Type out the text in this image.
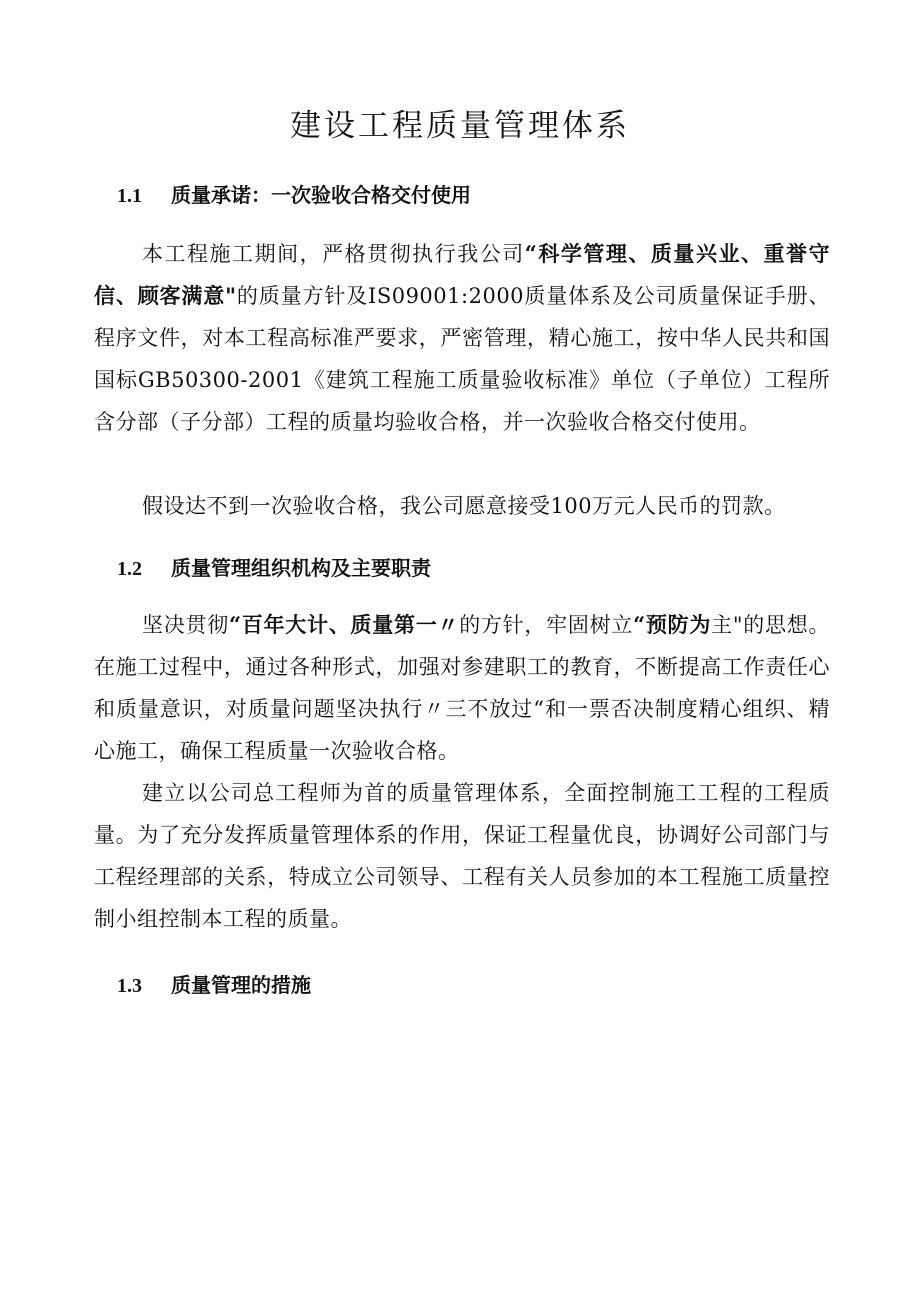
建设工程质量管理体系
1.1 质量承诺：一次验收合格交付使用

本工程施工期间，严格贯彻执行我公司“科学管理、质量兴业、重誉守信、顾客满意"的质量方针及IS09001:2000质量体系及公司质量保证手册、程序文件，对本工程高标准严要求，严密管理，精心施工，按中华人民共和国国标GB50300-2001《建筑工程施工质量验收标准》单位（子单位）工程所含分部（子分部）工程的质量均验收合格，并一次验收合格交付使用。

假设达不到一次验收合格，我公司愿意接受100万元人民币的罚款。

1.2 质量管理组织机构及主要职责

坚决贯彻“百年大计、质量第一〃的方针，牢固树立“预防为主"的思想。在施工过程中，通过各种形式，加强对参建职工的教育，不断提高工作责任心和质量意识，对质量问题坚决执行〃三不放过“和一票否决制度精心组织、精心施工，确保工程质量一次验收合格。

建立以公司总工程师为首的质量管理体系，全面控制施工工程的工程质量。为了充分发挥质量管理体系的作用，保证工程量优良，协调好公司部门与工程经理部的关系，特成立公司领导、工程有关人员参加的本工程施工质量控制小组控制本工程的质量。

1.3 质量管理的措施
